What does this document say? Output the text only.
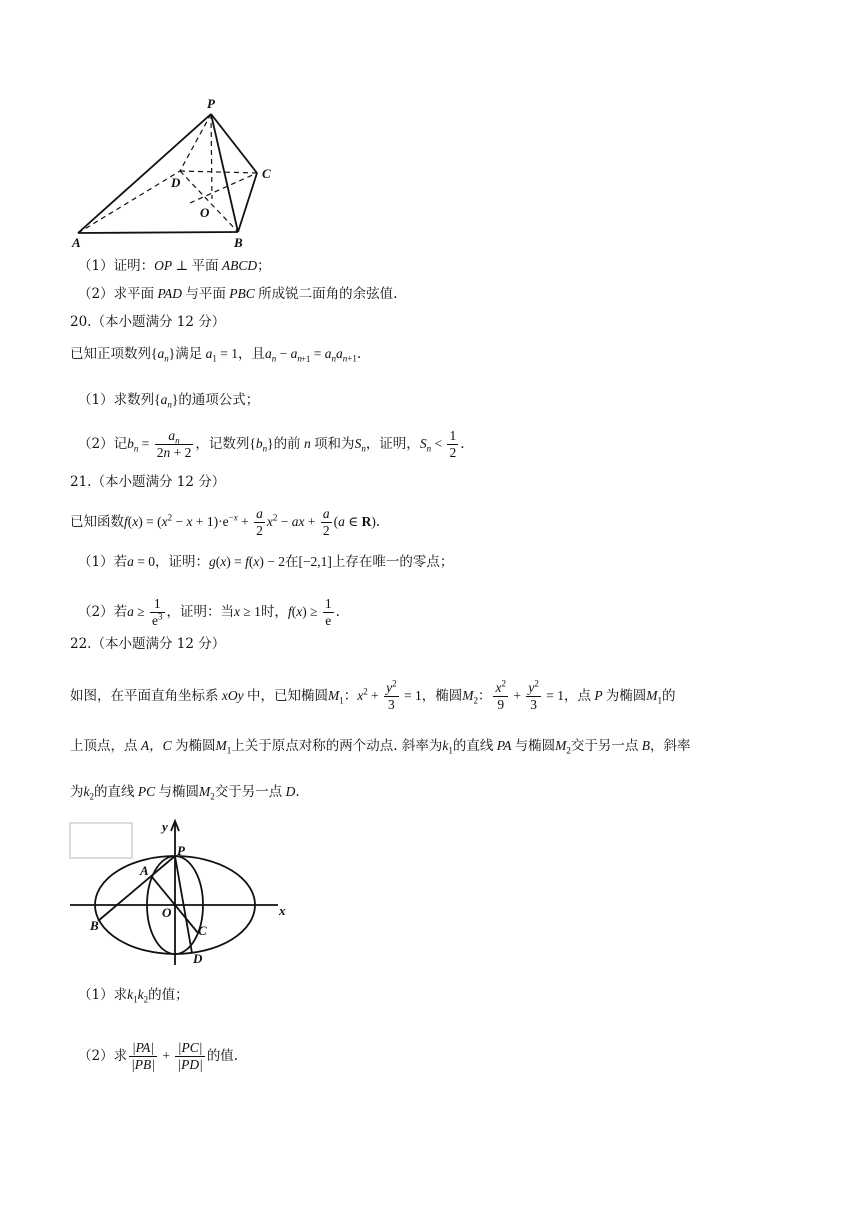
P
D
C
O
A	B
（1）证明：OP ⊥ 平面 ABCD；
（2）求平面 PAD 与平面 PBC 所成锐二面角的余弦值.
20.（本小题满分 12 分）
已知正项数列$\{a_n\}$满足 $a_1 = 1$，且$a_n - a_{n+1} = a_na_{n+1}$.
（1）求数列$\{a_n\}$的通项公式；
（2）记$b_n = \frac{a_n}{2n + 2}$ ，记数列$\{b_n\}$的前 n 项和为$S_n$，证明，$S_n < \frac{1}{2}$ .
21.（本小题满分 12 分）
已知函数$f(x) = (x^2 - x + 1)\cdot e^{-x} + \frac{a}{2} x^2$ − ax + $\frac{a}{2} (a$ ∈ R).
（1）若a = 0，证明：g(x) = f(x) − 2在[−2,1]上存在唯一的零点；
（2）若$a \ge \frac{1}{e^3}$ ，证明：当x ≥ 1时，$f(x) \ge \frac{1}{e}$ .
22.（本小题满分 12 分）
如图，在平面直角坐标系 xOy 中，已知椭圆$M_1$：$x^2 + \frac{y^2}{3} = 1$，椭圆$M_2$： $\frac{x^2}{9} + \frac{y^2}{3} = 1$，点 P 为椭圆$M_1$的
上顶点，点 A，C 为椭圆$M_1$上关于原点对称的两个动点. 斜率为$k_1$的直线 PA 与椭圆$M_2$交于另一点 B，斜率
为$k_2$的直线 PC 与椭圆$M_2$交于另一点 D.
y
x
P
A
O
B	C
D
（1）求$k_1k_2$的值；
（2）求 $\frac{|PA|}{|PB|} + \frac{|PC|}{|PD|}$ 的值.
